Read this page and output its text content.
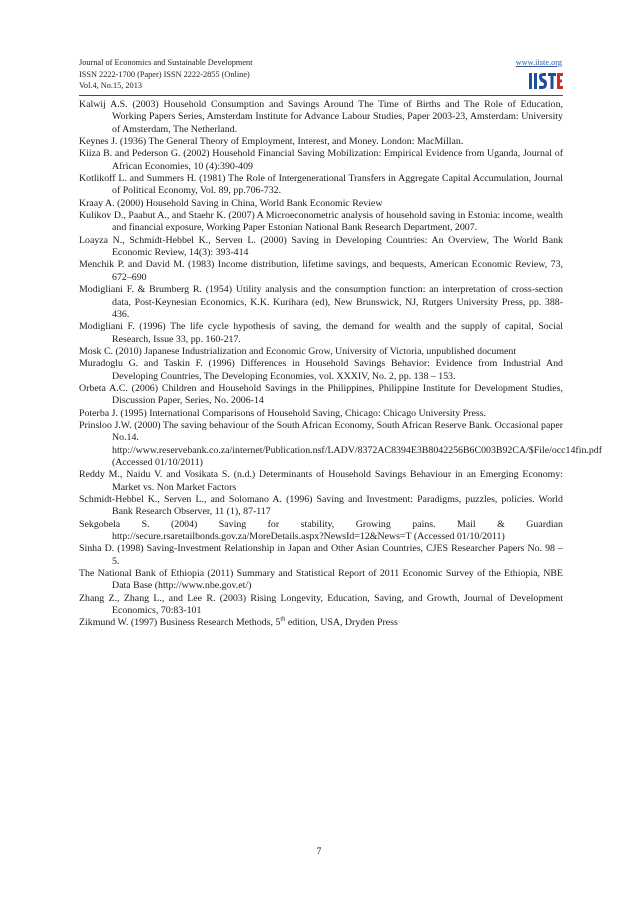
Journal of Economics and Sustainable Development	www.iiste.org
ISSN 2222-1700 (Paper) ISSN 2222-2855 (Online)
Vol.4, No.15, 2013

Kalwij A.S. (2003) Household Consumption and Savings Around The Time of Births and The Role of Education, Working Papers Series, Amsterdam Institute for Advance Labour Studies, Paper 2003-23, Amsterdam: University of Amsterdam, The Netherland.

Keynes J. (1936) The General Theory of Employment, Interest, and Money. London: MacMillan.

Kiiza B. and Pederson G. (2002) Household Financial Saving Mobilization: Empirical Evidence from Uganda, Journal of African Economies, 10 (4):390-409

Kotlikoff L. and Summers H. (1981) The Role of Intergenerational Transfers in Aggregate Capital Accumulation, Journal of Political Economy, Vol. 89, pp.706-732.

Kraay A. (2000) Household Saving in China, World Bank Economic Review

Kulikov D., Paabut A., and Staehr K. (2007) A Microeconometric analysis of household saving in Estonia: income, wealth and financial exposure, Working Paper Estonian National Bank Research Department, 2007.

Loayza N., Schmidt-Hebbel K., Serven L. (2000) Saving in Developing Countries: An Overview, The World Bank Economic Review, 14(3): 393-414

Menchik P. and David M. (1983) Income distribution, lifetime savings, and bequests, American Economic Review, 73, 672–690

Modigliani F. & Brumberg R. (1954) Utility analysis and the consumption function: an interpretation of cross-section data, Post-Keynesian Economics, K.K. Kurihara (ed), New Brunswick, NJ, Rutgers University Press, pp. 388-436.

Modigliani F. (1996) The life cycle hypothesis of saving, the demand for wealth and the supply of capital, Social Research, Issue 33, pp. 160-217.

Mosk C. (2010) Japanese Industrialization and Economic Grow, University of Victoria, unpublished document

Muradoglu G. and Taskin F. (1996) Differences in Household Savings Behavior: Evidence from Industrial And Developing Countries, The Developing Economies, vol. XXXIV, No. 2, pp. 138 – 153.

Orbeta A.C. (2006) Children and Household Savings in the Philippines, Philippine Institute for Development Studies, Discussion Paper, Series, No. 2006-14

Poterba J. (1995) International Comparisons of Household Saving, Chicago: Chicago University Press.

Prinsloo J.W. (2000) The saving behaviour of the South African Economy, South African Reserve Bank. Occasional paper No.14. http://www.reservebank.co.za/internet/Publication.nsf/LADV/8372AC8394E3B8042256B6C003B92CA/$File/occ14fin.pdf (Accessed 01/10/2011)

Reddy M., Naidu V. and Vosikata S. (n.d.) Determinants of Household Savings Behaviour in an Emerging Economy: Market vs. Non Market Factors

Schmidt-Hebbel K., Serven L., and Solomano A. (1996) Saving and Investment: Paradigms, puzzles, policies. World Bank Research Observer, 11 (1), 87-117

Sekgobela S. (2004) Saving for stability, Growing pains. Mail & Guardian http://secure.rsaretailbonds.gov.za/MoreDetails.aspx?NewsId=12&News=T (Accessed 01/10/2011)

Sinha D. (1998) Saving-Investment Relationship in Japan and Other Asian Countries, CJES Researcher Papers No. 98 – 5.

The National Bank of Ethiopia (2011) Summary and Statistical Report of 2011 Economic Survey of the Ethiopia, NBE Data Base (http://www.nbe.gov.et/)

Zhang Z., Zhang L., and Lee R. (2003) Rising Longevity, Education, Saving, and Growth, Journal of Development Economics, 70:83-101

Zikmund W. (1997) Business Research Methods, 5th edition, USA, Dryden Press

7
